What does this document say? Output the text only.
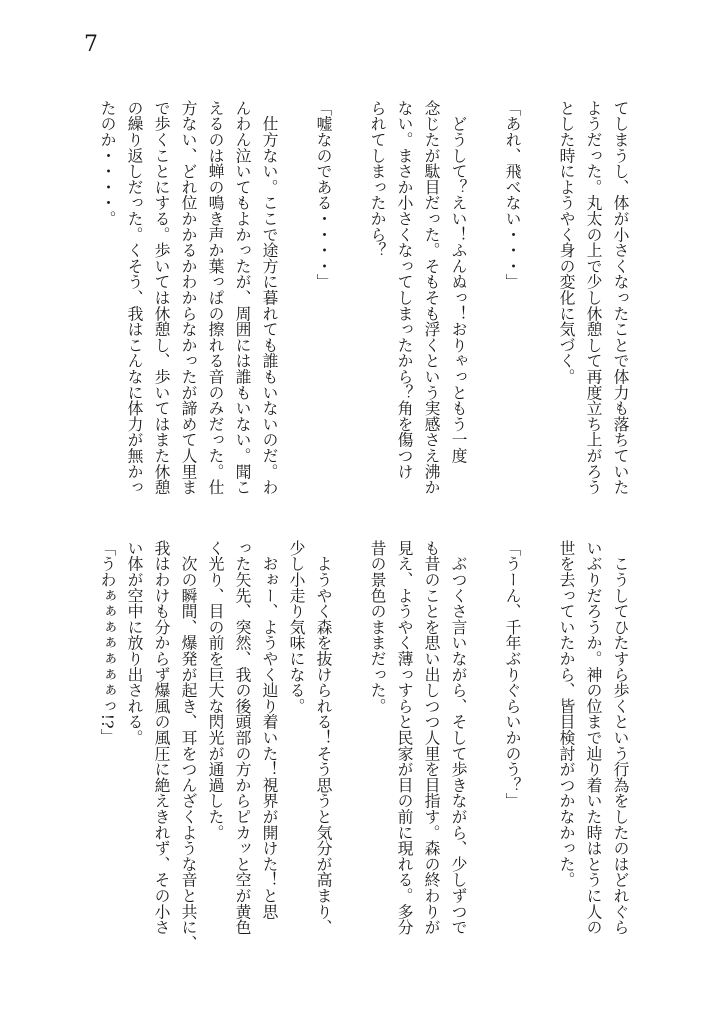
7
てしまうし、体が小さくなったことで体力も落ちていた
ようだった。丸太の上で少し休憩して再度立ち上がろう
とした時にようやく身の変化に気づく。
「あれ、飛べない・・・」
　どうして？えい！ふんぬっ！おりゃっともう一度
念じたが駄目だった。そもそも浮くという実感さえ沸か
ない。まさか小さくなってしまったから？角を傷つけ
られてしまったから？
「嘘なのである・・・・」
　仕方ない。ここで途方に暮れても誰もいないのだ。わ
んわん泣いてもよかったが、周囲には誰もいない。聞こ
えるのは蝉の鳴き声か葉っぱの擦れる音のみだった。仕
方ない、どれ位かかるかわからなかったが諦めて人里ま
で歩くことにする。歩いては休憩し、歩いてはまた休憩
の繰り返しだった。くそう、我はこんなに体力が無かっ
たのか・・・・。
　こうしてひたすら歩くという行為をしたのはどれぐら
いぶりだろうか。神の位まで辿り着いた時はとうに人の
世を去っていたから、皆目検討がつかなかった。
「うーん、千年ぶりぐらいかのう？」
　ぶつくさ言いながら、そして歩きながら、少しずつで
も昔のことを思い出しつつ人里を目指す。森の終わりが
見え、ようやく薄っすらと民家が目の前に現れる。多分
昔の景色のままだった。
　ようやく森を抜けられる！そう思うと気分が高まり、
少し小走り気味になる。
　おぉー、ようやく辿り着いた！視界が開けた！と思
った矢先、突然、我の後頭部の方からピカッと空が黄色
く光り、目の前を巨大な閃光が通過した。
　次の瞬間、爆発が起き、耳をつんざくような音と共に、
我はわけも分からず爆風の風圧に絶えきれず、その小さ
い体が空中に放り出される。
「うわぁぁぁぁぁぁぁっ!?」
